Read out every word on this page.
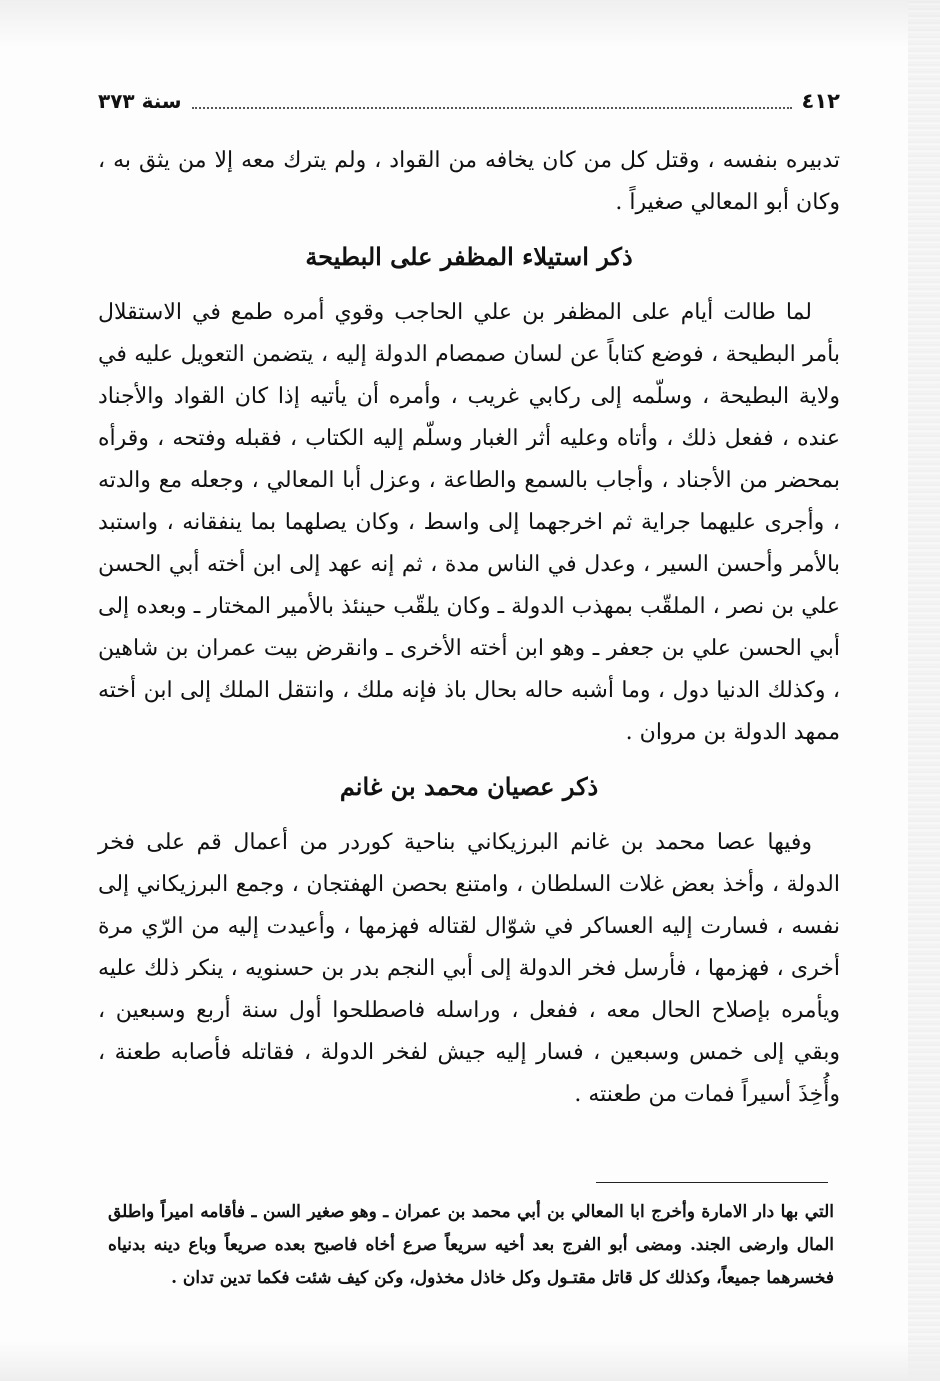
٤١٢
سنة ٣٧٣

تدبيره بنفسه ، وقتل كل من كان يخافه من القواد ، ولم يترك معه إلا من يثق به ، وكان أبو المعالي صغيراً .

ذكر استيلاء المظفر على البطيحة

لما طالت أيام على المظفر بن علي الحاجب وقوي أمره طمع في الاستقلال بأمر البطيحة ، فوضع كتاباً عن لسان صمصام الدولة إليه ، يتضمن التعويل عليه في ولاية البطيحة ، وسلّمه إلى ركابي غريب ، وأمره أن يأتيه إذا كان القواد والأجناد عنده ، ففعل ذلك ، وأتاه وعليه أثر الغبار وسلّم إليه الكتاب ، فقبله وفتحه ، وقرأه بمحضر من الأجناد ، وأجاب بالسمع والطاعة ، وعزل أبا المعالي ، وجعله مع والدته ، وأجرى عليهما جراية ثم اخرجهما إلى واسط ، وكان يصلهما بما ينفقانه ، واستبد بالأمر وأحسن السير ، وعدل في الناس مدة ، ثم إنه عهد إلى ابن أخته أبي الحسن علي بن نصر ، الملقّب بمهذب الدولة ـ وكان يلقّب حينئذ بالأمير المختار ـ وبعده إلى أبي الحسن علي بن جعفر ـ وهو ابن أخته الأخرى ـ وانقرض بيت عمران بن شاهين ، وكذلك الدنيا دول ، وما أشبه حاله بحال باذ فإنه ملك ، وانتقل الملك إلى ابن أخته ممهد الدولة بن مروان .

ذكر عصيان محمد بن غانم

وفيها عصا محمد بن غانم البرزيكاني بناحية كوردر من أعمال قم على فخر الدولة ، وأخذ بعض غلات السلطان ، وامتنع بحصن الهفتجان ، وجمع البرزيكاني إلى نفسه ، فسارت إليه العساكر في شوّال لقتاله فهزمها ، وأعيدت إليه من الرّي مرة أخرى ، فهزمها ، فأرسل فخر الدولة إلى أبي النجم بدر بن حسنويه ، ينكر ذلك عليه ويأمره بإصلاح الحال معه ، ففعل ، وراسله فاصطلحوا أول سنة أربع وسبعين ، وبقي إلى خمس وسبعين ، فسار إليه جيش لفخر الدولة ، فقاتله فأصابه طعنة ، وأُخِذَ أسيراً فمات من طعنته .

التي بها دار الامارة وأخرج ابا المعالي بن أبي محمد بن عمران ـ وهو صغير السن ـ فأقامه اميراً واطلق المال وارضى الجند. ومضى أبو الفرج بعد أخيه سريعاً صرع أخاه فاصبح بعده صريعاً وباع دينه بدنياه فخسرهما جميعاً، وكذلك كل قاتل مقتـول وكل خاذل مخذول، وكن كيف شئت فكما تدين تدان .
